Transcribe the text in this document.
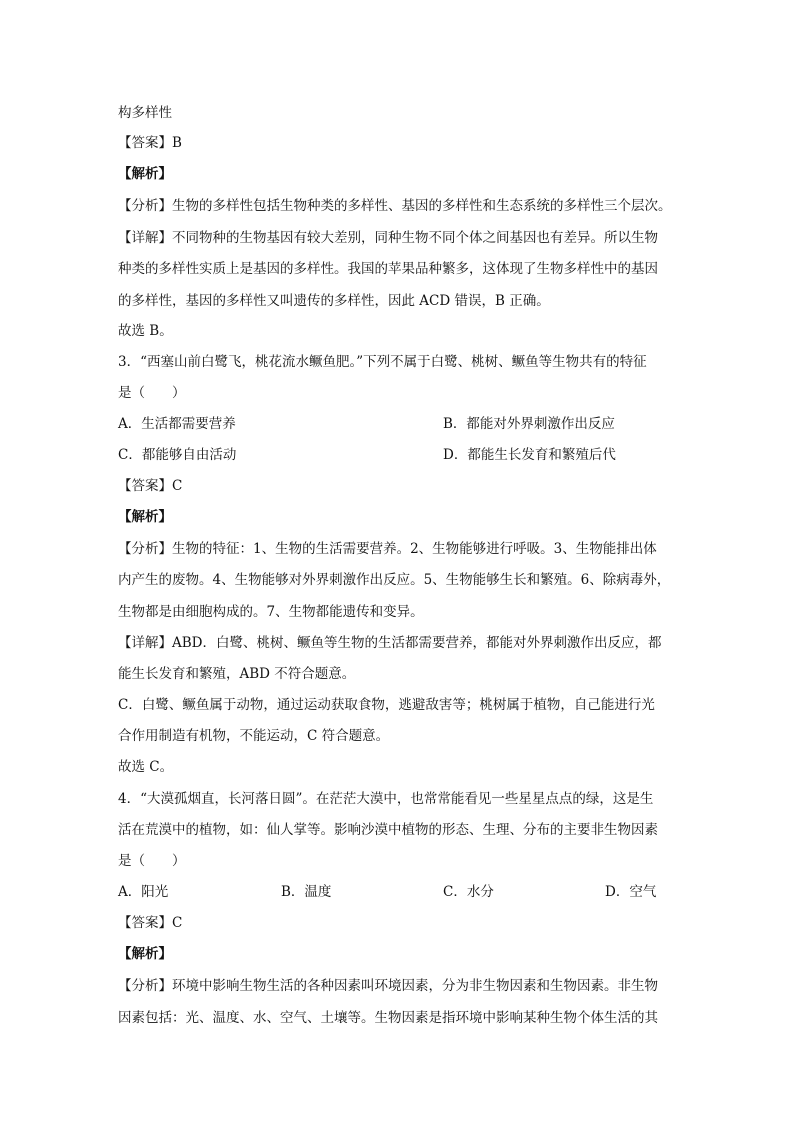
构多样性
【答案】B
【解析】
【分析】生物的多样性包括生物种类的多样性、基因的多样性和生态系统的多样性三个层次。
【详解】不同物种的生物基因有较大差别，同种生物不同个体之间基因也有差异。所以生物
种类的多样性实质上是基因的多样性。我国的苹果品种繁多，这体现了生物多样性中的基因
的多样性，基因的多样性又叫遗传的多样性，因此 ACD 错误，B 正确。
故选 B。
3．“西塞山前白鹭飞，桃花流水鳜鱼肥。”下列不属于白鹭、桃树、鳜鱼等生物共有的特征
是（　　）
A．生活都需要营养	B．都能对外界刺激作出反应
C．都能够自由活动	D．都能生长发育和繁殖后代
【答案】C
【解析】
【分析】生物的特征：1、生物的生活需要营养。2、生物能够进行呼吸。3、生物能排出体
内产生的废物。4、生物能够对外界刺激作出反应。5、生物能够生长和繁殖。6、除病毒外，
生物都是由细胞构成的。7、生物都能遗传和变异。
【详解】ABD．白鹭、桃树、鳜鱼等生物的生活都需要营养，都能对外界刺激作出反应，都
能生长发育和繁殖，ABD 不符合题意。
C．白鹭、鳜鱼属于动物，通过运动获取食物，逃避敌害等；桃树属于植物，自己能进行光
合作用制造有机物，不能运动，C 符合题意。
故选 C。
4．“大漠孤烟直，长河落日圆”。在茫茫大漠中，也常常能看见一些星星点点的绿，这是生
活在荒漠中的植物，如：仙人掌等。影响沙漠中植物的形态、生理、分布的主要非生物因素
是（　　）
A．阳光	B．温度	C．水分	D．空气
【答案】C
【解析】
【分析】环境中影响生物生活的各种因素叫环境因素，分为非生物因素和生物因素。非生物
因素包括：光、温度、水、空气、土壤等。生物因素是指环境中影响某种生物个体生活的其
